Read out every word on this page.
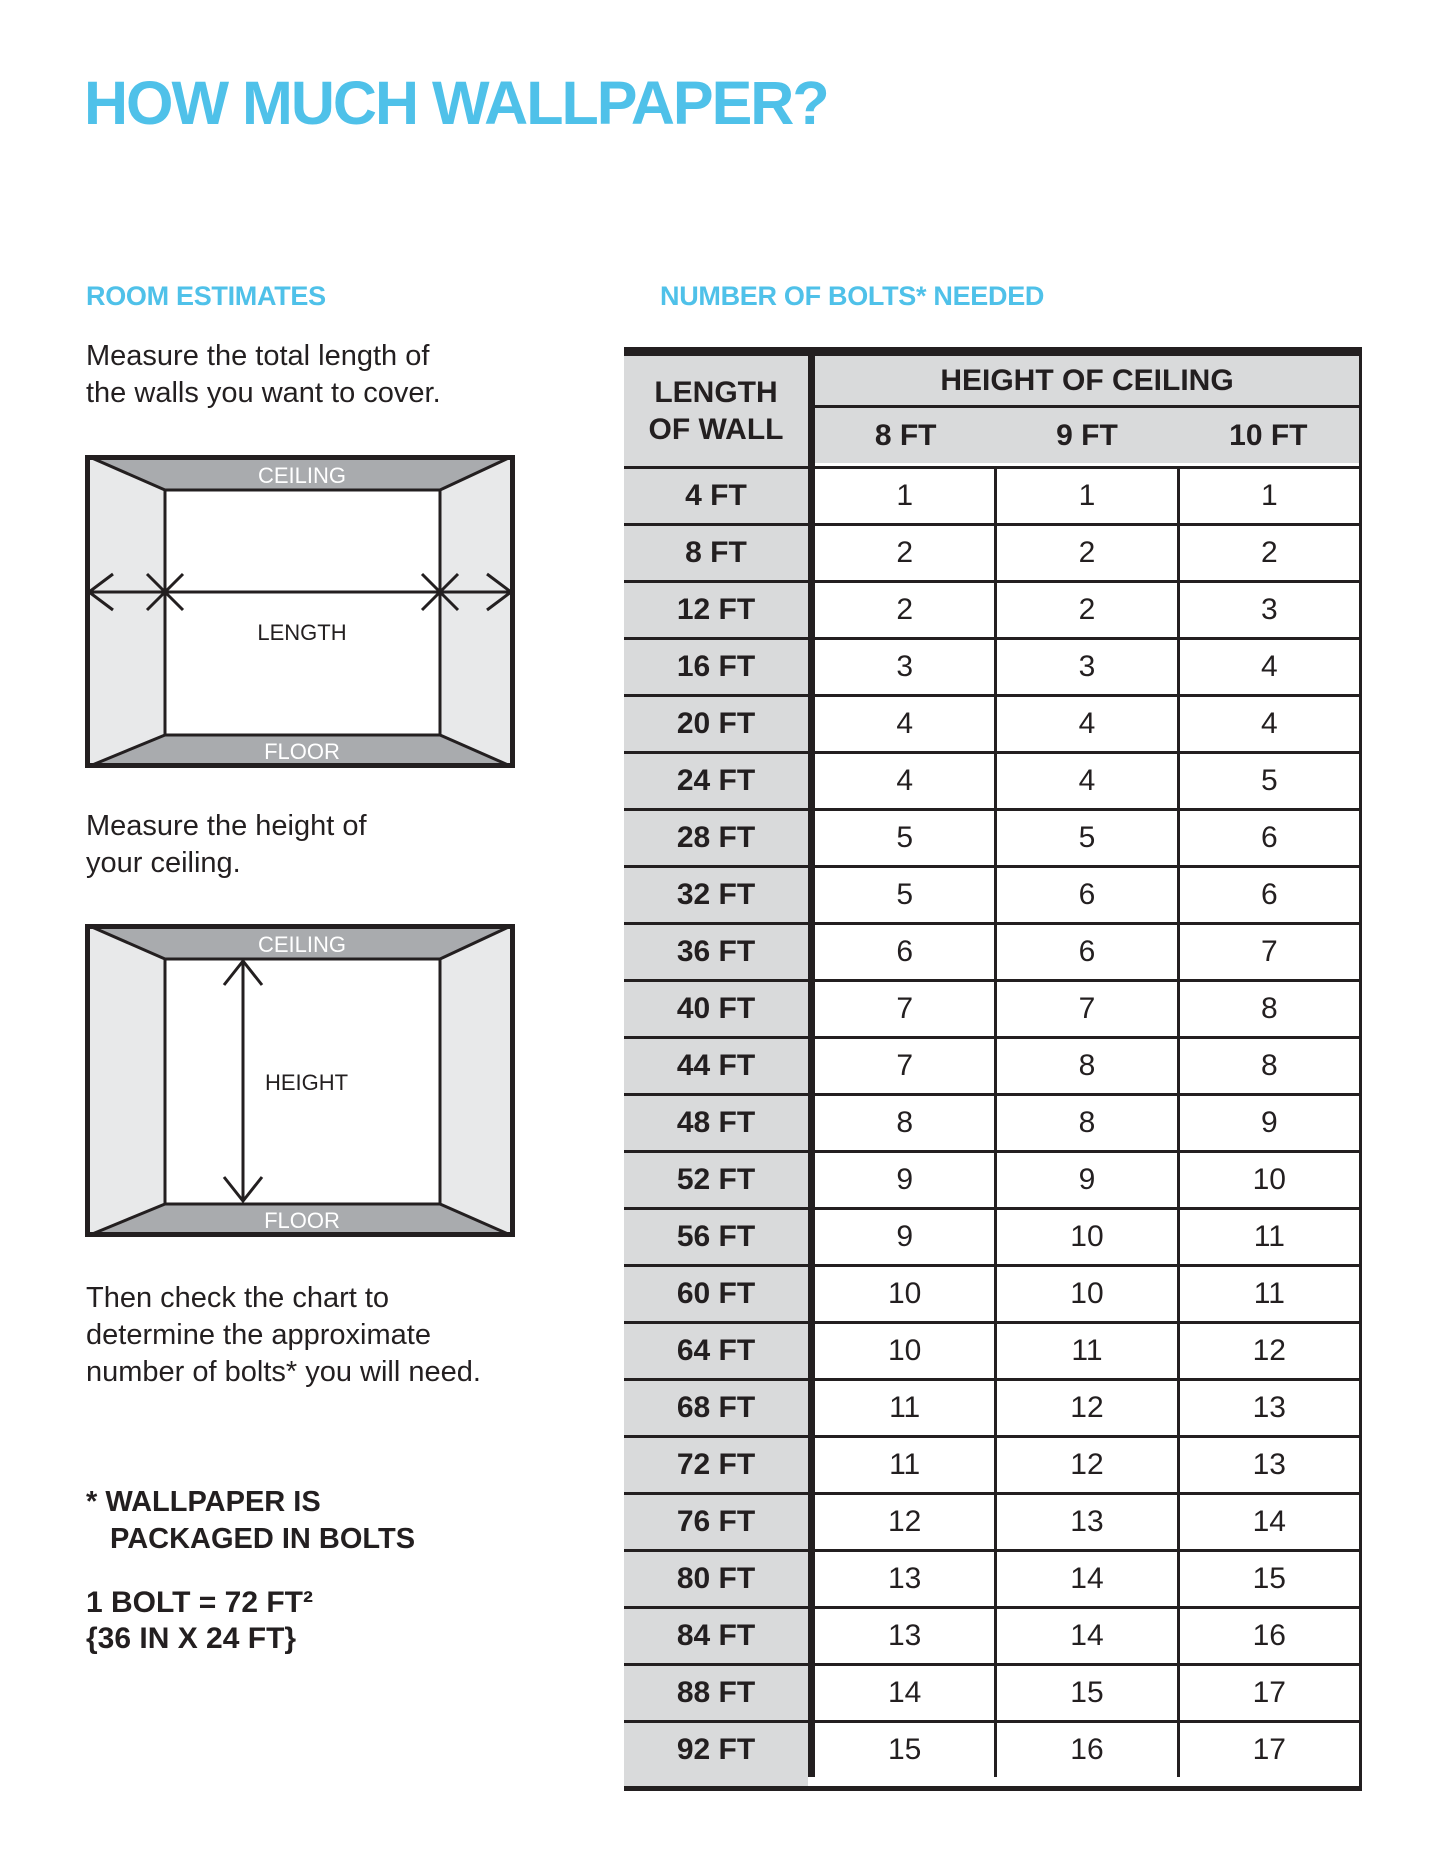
HOW MUCH WALLPAPER?
ROOM ESTIMATES	NUMBER OF BOLTS* NEEDED
Measure the total length of
the walls you want to cover.
CEILING
FLOOR
LENGTH
Measure the height of
your ceiling.
CEILING
FLOOR
HEIGHT
Then check the chart to
determine the approximate
number of bolts* you will need.
* WALLPAPER IS
PACKAGED IN BOLTS
1 BOLT = 72 FT²
{36 IN X 24 FT}
LENGTH
OF WALL
HEIGHT OF CEILING
8 FT	9 FT	10 FT
4 FT	1	1	1
8 FT	2	2	2
12 FT	2	2	3
16 FT	3	3	4
20 FT	4	4	4
24 FT	4	4	5
28 FT	5	5	6
32 FT	5	6	6
36 FT	6	6	7
40 FT	7	7	8
44 FT	7	8	8
48 FT	8	8	9
52 FT	9	9	10
56 FT	9	10	11
60 FT	10	10	11
64 FT	10	11	12
68 FT	11	12	13
72 FT	11	12	13
76 FT	12	13	14
80 FT	13	14	15
84 FT	13	14	16
88 FT	14	15	17
92 FT	15	16	17
